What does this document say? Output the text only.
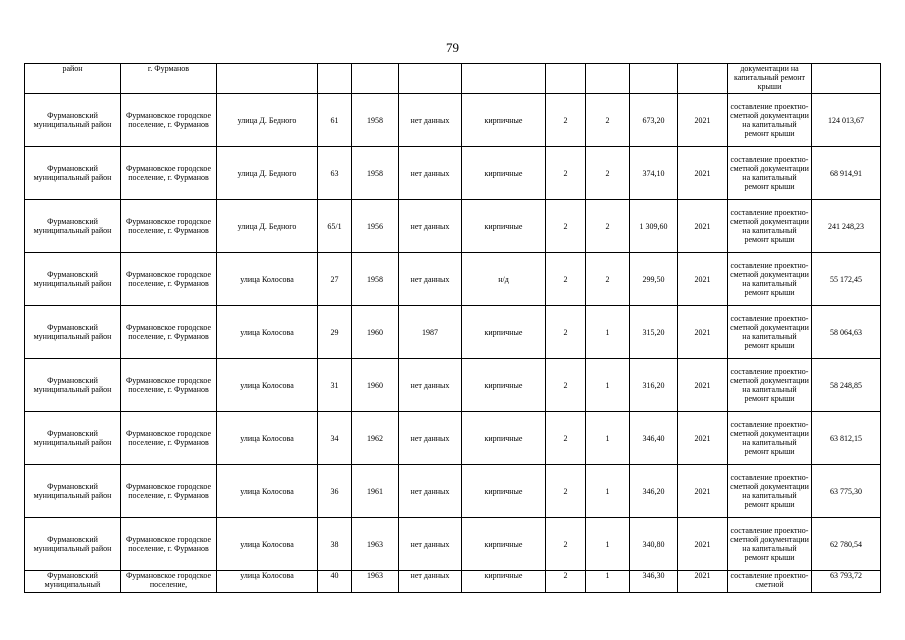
79
район	г. Фурманов										документации на капитальный ремонт крыши	
Фурмановский муниципальный район	Фурмановское городское поселение, г. Фурманов	улица Д. Бедного	61	1958	нет данных	кирпичные	2	2	673,20	2021	составление проектно-сметной документации на капитальный ремонт крыши	124 013,67
Фурмановский муниципальный район	Фурмановское городское поселение, г. Фурманов	улица Д. Бедного	63	1958	нет данных	кирпичные	2	2	374,10	2021	составление проектно-сметной документации на капитальный ремонт крыши	68 914,91
Фурмановский муниципальный район	Фурмановское городское поселение, г. Фурманов	улица Д. Бедного	65/1	1956	нет данных	кирпичные	2	2	1 309,60	2021	составление проектно-сметной документации на капитальный ремонт крыши	241 248,23
Фурмановский муниципальный район	Фурмановское городское поселение, г. Фурманов	улица Колосова	27	1958	нет данных	н/д	2	2	299,50	2021	составление проектно-сметной документации на капитальный ремонт крыши	55 172,45
Фурмановский муниципальный район	Фурмановское городское поселение, г. Фурманов	улица Колосова	29	1960	1987	кирпичные	2	1	315,20	2021	составление проектно-сметной документации на капитальный ремонт крыши	58 064,63
Фурмановский муниципальный район	Фурмановское городское поселение, г. Фурманов	улица Колосова	31	1960	нет данных	кирпичные	2	1	316,20	2021	составление проектно-сметной документации на капитальный ремонт крыши	58 248,85
Фурмановский муниципальный район	Фурмановское городское поселение, г. Фурманов	улица Колосова	34	1962	нет данных	кирпичные	2	1	346,40	2021	составление проектно-сметной документации на капитальный ремонт крыши	63 812,15
Фурмановский муниципальный район	Фурмановское городское поселение, г. Фурманов	улица Колосова	36	1961	нет данных	кирпичные	2	1	346,20	2021	составление проектно-сметной документации на капитальный ремонт крыши	63 775,30
Фурмановский муниципальный район	Фурмановское городское поселение, г. Фурманов	улица Колосова	38	1963	нет данных	кирпичные	2	1	340,80	2021	составление проектно-сметной документации на капитальный ремонт крыши	62 780,54
Фурмановский муниципальный	Фурмановское городское поселение,	улица Колосова	40	1963	нет данных	кирпичные	2	1	346,30	2021	составление проектно-сметной	63 793,72
